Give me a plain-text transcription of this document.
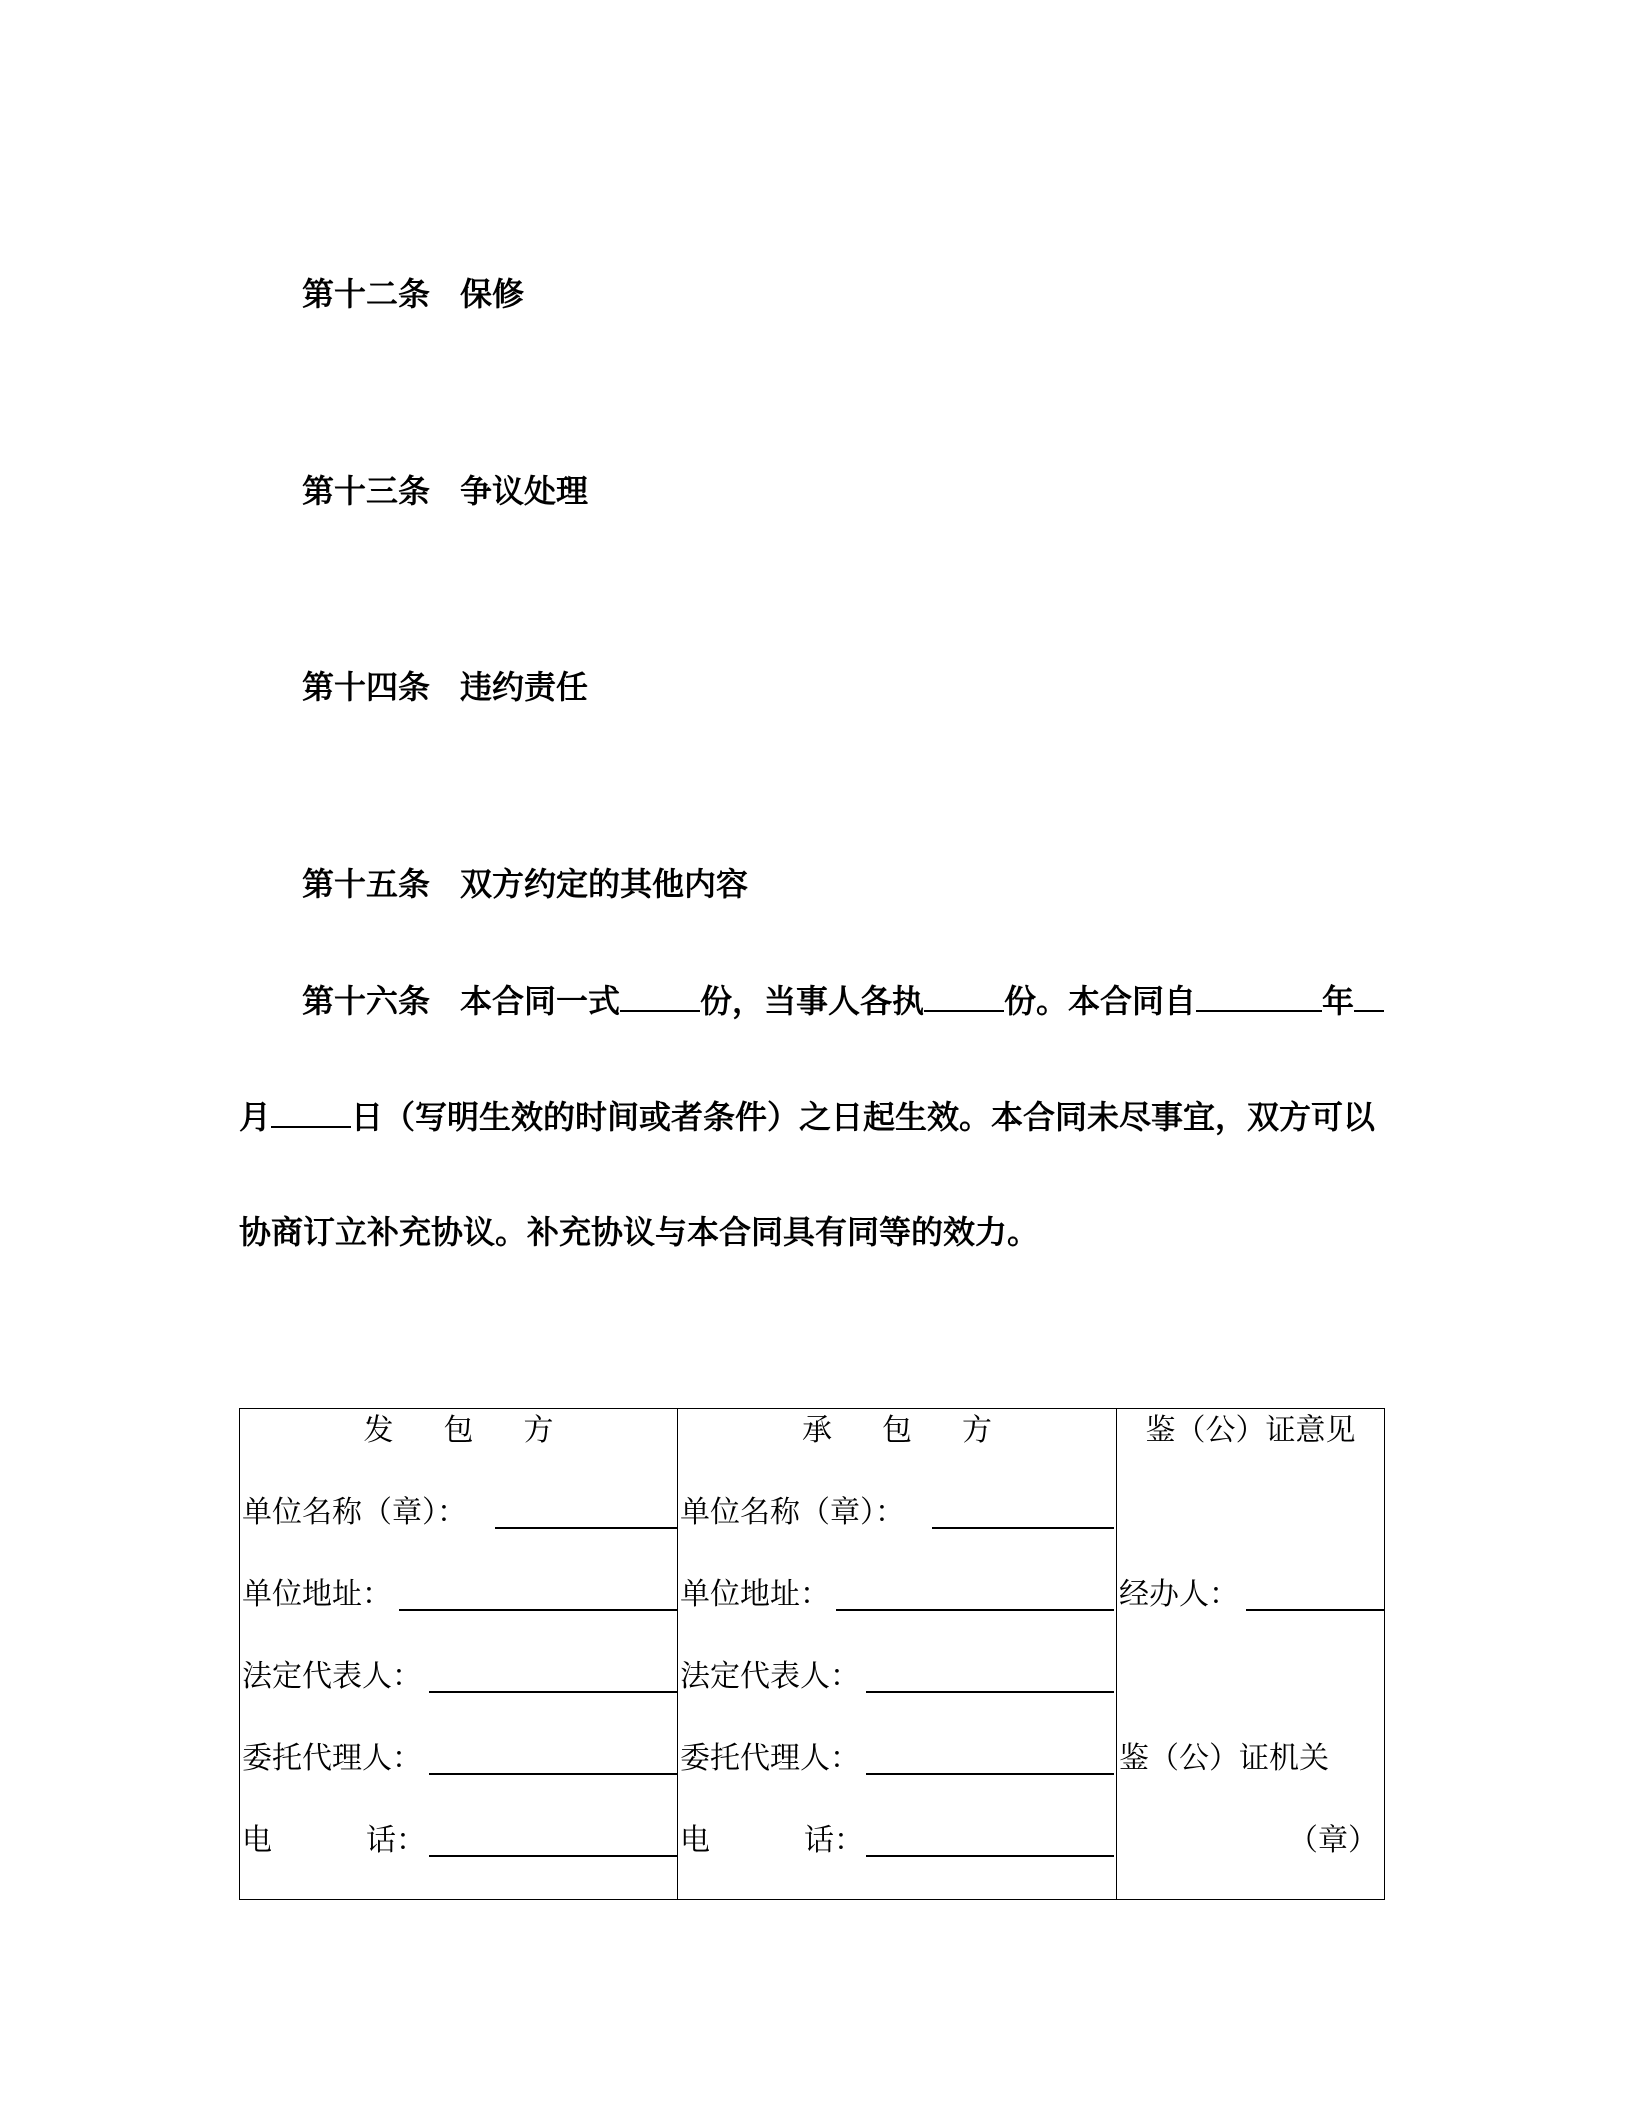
第十二条 保修
第十三条 争议处理
第十四条 违约责任
第十五条 双方约定的其他内容
第十六条 本合同一式	份，当事人各执	份。本合同自	年
月	日（写明生效的时间或者条件）之日起生效。本合同未尽事宜，双方可以
协商订立补充协议。补充协议与本合同具有同等的效力。
发包方
单位名称（章）：
单位地址：
法定代表人：
委托代理人：
电	话：
承包方
单位名称（章）：
单位地址：
法定代表人：
委托代理人：
电	话：
鉴（公）证意见
经办人：
鉴（公）证机关
（章）
